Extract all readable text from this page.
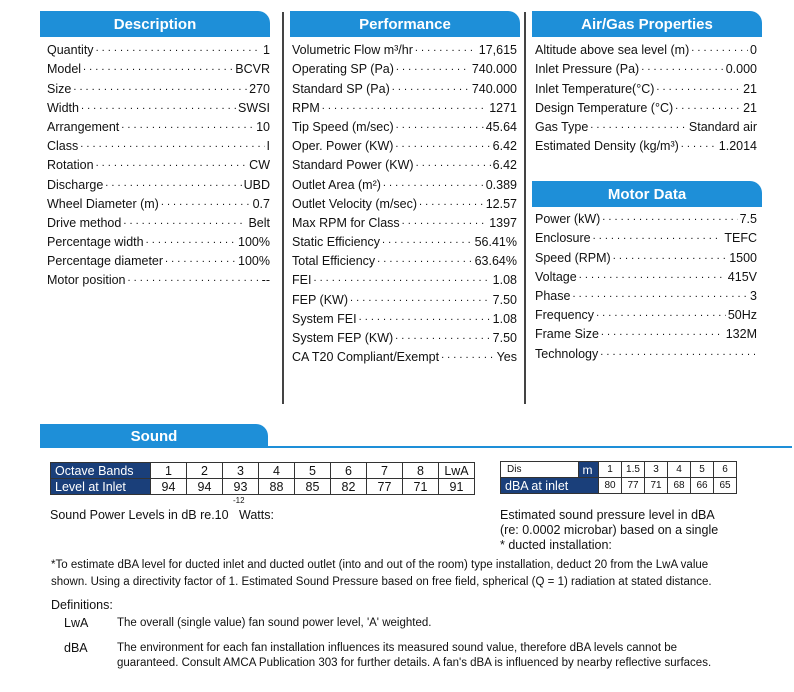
Description	Performance	Air/Gas Properties
Motor Data
Quantity . . .	1
Model . . .	BCVR
Size . . .	270
Width . . .	SWSI
Arrangement . . .	10
Class . . .	I
Rotation . . .	CW
Discharge . . .	UBD
Wheel Diameter (m) . . .	0.7
Drive method . . .	Belt
Percentage width . . .	100%
Percentage diameter . . .	100%
Motor position . . .	--
Volumetric Flow m³/hr . . .	17,615
Operating SP (Pa) . . .	740.000
Standard SP (Pa) . . .	740.000
RPM . . .	1271
Tip Speed (m/sec) . . .	45.64
Oper. Power (KW) . . .	6.42
Standard Power (KW) . . .	6.42
Outlet Area (m²) . . .	0.389
Outlet Velocity (m/sec) . . .	12.57
Max RPM for Class . . .	1397
Static Efficiency . . .	56.41%
Total Efficiency . . .	63.64%
FEI . . .	1.08
FEP (KW) . . .	7.50
System FEI . . .	1.08
System FEP (KW) . . .	7.50
CA T20 Compliant/Exempt . . .	Yes
Altitude above sea level (m) . . .	0
Inlet Pressure (Pa) . . .	0.000
Inlet Temperature(°C) . . .	21
Design Temperature (°C) . . .	21
Gas Type . . .	Standard air
Estimated Density (kg/m³) . . .	1.2014
Power (kW) . . .	7.5
Enclosure . . .	TEFC
Speed (RPM) . . .	1500
Voltage . . .	415V
Phase . . .	3
Frequency . . .	50Hz
Frame Size . . .	132M
Technology
. . .
Sound
Octave Bands	1	2	3	4	5	6	7	8	LwA
Level at Inlet	94	94	93	88	85	82	77	71	91
Dis	m	1	1.5	3	4	5	6
dBA at inlet		80	77	71	68	66	65
-12
Sound Power Levels in dB re.10 Watts:	Estimated sound pressure level in dBA
(re: 0.0002 microbar) based on a single
* ducted installation:
*To estimate dBA level for ducted inlet and ducted outlet (into and out of the room) type installation, deduct 20 from the LwA value
shown. Using a directivity factor of 1. Estimated Sound Pressure based on free field, spherical (Q = 1) radiation at stated distance.
Definitions:
LwA The overall (single value) fan sound power level, 'A' weighted.
dBA	The environment for each fan installation influences its measured sound value, therefore dBA levels cannot be
guaranteed. Consult AMCA Publication 303 for further details. A fan's dBA is influenced by nearby reflective surfaces.
